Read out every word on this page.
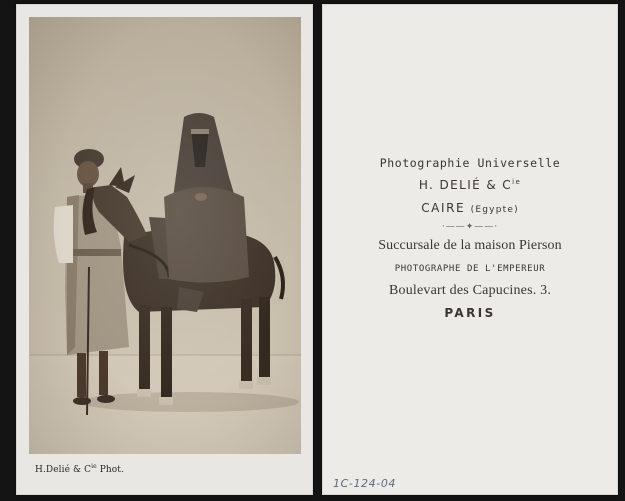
H.Delié & $C^{ie}$ Phot.
Photographie Universelle
H. DELIÉ & $C^{ie}$
CAIRE (Egypte)
·——✦——·
Succursale de la maison Pierson
PHOTOGRAPHE DE L'EMPEREUR
Boulevart des Capucines. 3.
PARIS
1C-124-04
